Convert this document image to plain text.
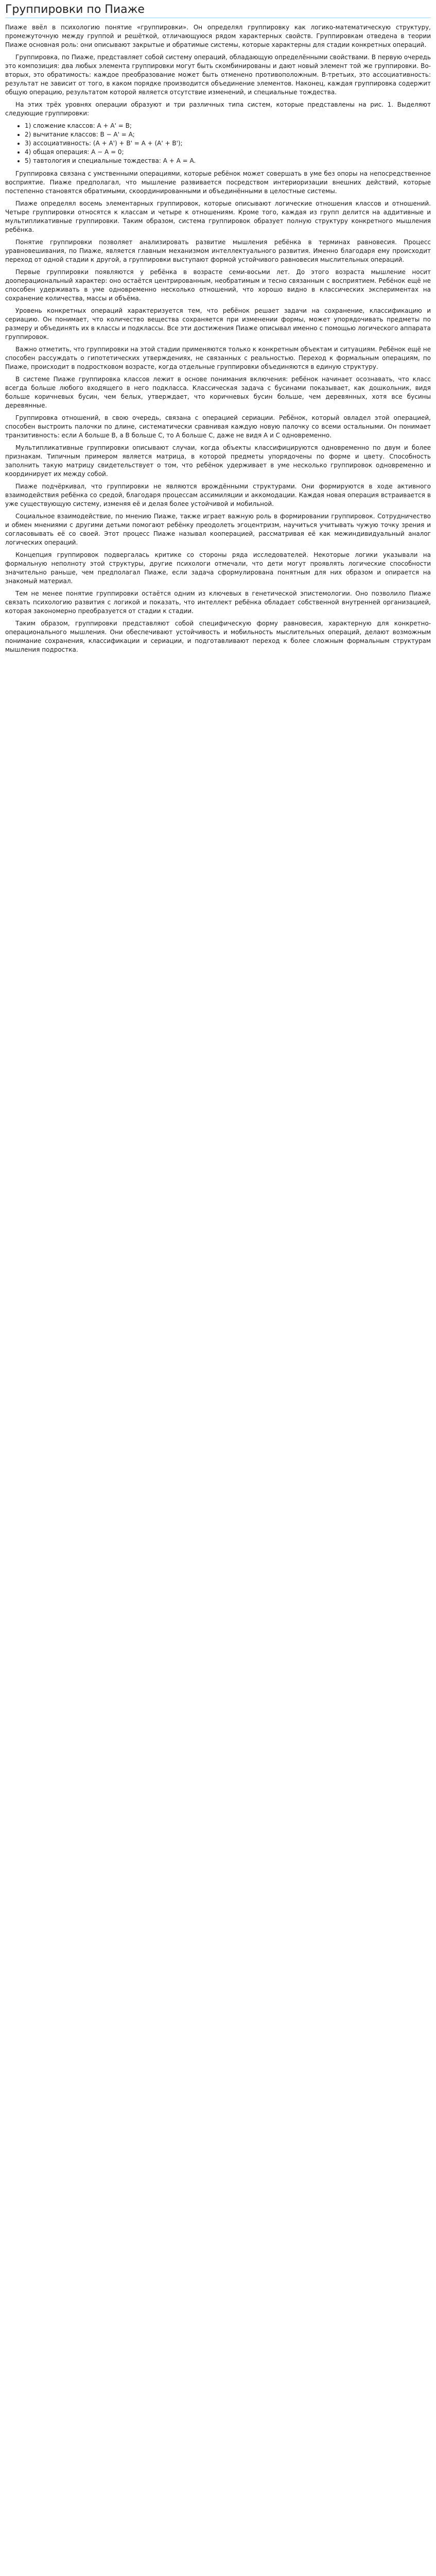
Группировки по Пиаже

Пиаже ввёл в психологию понятие «группировки». Он определял группировку как логико-математическую структуру, промежуточную между группой и решёткой, отличающуюся рядом характерных свойств. Группировкам отведена в теории Пиаже основная роль: они описывают закрытые и обратимые системы, которые характерны для стадии конкретных операций.

Группировка, по Пиаже, представляет собой систему операций, обладающую определёнными свойствами. В первую очередь это композиция: два любых элемента группировки могут быть скомбинированы и дают новый элемент той же группировки. Во-вторых, это обратимость: каждое преобразование может быть отменено противоположным. В-третьих, это ассоциативность: результат не зависит от того, в каком порядке производится объединение элементов. Наконец, каждая группировка содержит общую операцию, результатом которой является отсутствие изменений, и специальные тождества.

На этих трёх уровнях операции образуют и три различных типа систем, которые представлены на рис. 1. Выделяют следующие группировки:

• 1) сложение классов: A + A' = B;
• 2) вычитание классов: B − A' = A;
• 3) ассоциативность: (A + A') + B' = A + (A' + B');
• 4) общая операция: A − A = 0;
• 5) тавтология и специальные тождества: A + A = A.

Группировка связана с умственными операциями, которые ребёнок может совершать в уме без опоры на непосредственное восприятие. Пиаже предполагал, что мышление развивается посредством интериоризации внешних действий, которые постепенно становятся обратимыми, скоординированными и объединёнными в целостные системы.

Пиаже определял восемь элементарных группировок, которые описывают логические отношения классов и отношений. Четыре группировки относятся к классам и четыре к отношениям. Кроме того, каждая из групп делится на аддитивные и мультипликативные группировки. Таким образом, система группировок образует полную структуру конкретного мышления ребёнка.

Понятие группировки позволяет анализировать развитие мышления ребёнка в терминах равновесия. Процесс уравновешивания, по Пиаже, является главным механизмом интеллектуального развития. Именно благодаря ему происходит переход от одной стадии к другой, а группировки выступают формой устойчивого равновесия мыслительных операций.

Первые группировки появляются у ребёнка в возрасте семи-восьми лет. До этого возраста мышление носит дооперациональный характер: оно остаётся центрированным, необратимым и тесно связанным с восприятием. Ребёнок ещё не способен удерживать в уме одновременно несколько отношений, что хорошо видно в классических экспериментах на сохранение количества, массы и объёма.

Уровень конкретных операций характеризуется тем, что ребёнок решает задачи на сохранение, классификацию и сериацию. Он понимает, что количество вещества сохраняется при изменении формы, может упорядочивать предметы по размеру и объединять их в классы и подклассы. Все эти достижения Пиаже описывал именно с помощью логического аппарата группировок.

Важно отметить, что группировки на этой стадии применяются только к конкретным объектам и ситуациям. Ребёнок ещё не способен рассуждать о гипотетических утверждениях, не связанных с реальностью. Переход к формальным операциям, по Пиаже, происходит в подростковом возрасте, когда отдельные группировки объединяются в единую структуру.

В системе Пиаже группировка классов лежит в основе понимания включения: ребёнок начинает осознавать, что класс всегда больше любого входящего в него подкласса. Классическая задача с бусинами показывает, как дошкольник, видя больше коричневых бусин, чем белых, утверждает, что коричневых бусин больше, чем деревянных, хотя все бусины деревянные.

Группировка отношений, в свою очередь, связана с операцией сериации. Ребёнок, который овладел этой операцией, способен выстроить палочки по длине, систематически сравнивая каждую новую палочку со всеми остальными. Он понимает транзитивность: если A больше B, а B больше C, то A больше C, даже не видя A и C одновременно.

Мультипликативные группировки описывают случаи, когда объекты классифицируются одновременно по двум и более признакам. Типичным примером является матрица, в которой предметы упорядочены по форме и цвету. Способность заполнить такую матрицу свидетельствует о том, что ребёнок удерживает в уме несколько группировок одновременно и координирует их между собой.

Пиаже подчёркивал, что группировки не являются врождёнными структурами. Они формируются в ходе активного взаимодействия ребёнка со средой, благодаря процессам ассимиляции и аккомодации. Каждая новая операция встраивается в уже существующую систему, изменяя её и делая более устойчивой и мобильной.

Социальное взаимодействие, по мнению Пиаже, также играет важную роль в формировании группировок. Сотрудничество и обмен мнениями с другими детьми помогают ребёнку преодолеть эгоцентризм, научиться учитывать чужую точку зрения и согласовывать её со своей. Этот процесс Пиаже называл кооперацией, рассматривая её как межиндивидуальный аналог логических операций.

Концепция группировок подвергалась критике со стороны ряда исследователей. Некоторые логики указывали на формальную неполноту этой структуры, другие психологи отмечали, что дети могут проявлять логические способности значительно раньше, чем предполагал Пиаже, если задача сформулирована понятным для них образом и опирается на знакомый материал.

Тем не менее понятие группировки остаётся одним из ключевых в генетической эпистемологии. Оно позволило Пиаже связать психологию развития с логикой и показать, что интеллект ребёнка обладает собственной внутренней организацией, которая закономерно преобразуется от стадии к стадии.

Таким образом, группировки представляют собой специфическую форму равновесия, характерную для конкретно-операционального мышления. Они обеспечивают устойчивость и мобильность мыслительных операций, делают возможным понимание сохранения, классификации и сериации, и подготавливают переход к более сложным формальным структурам мышления подростка.
